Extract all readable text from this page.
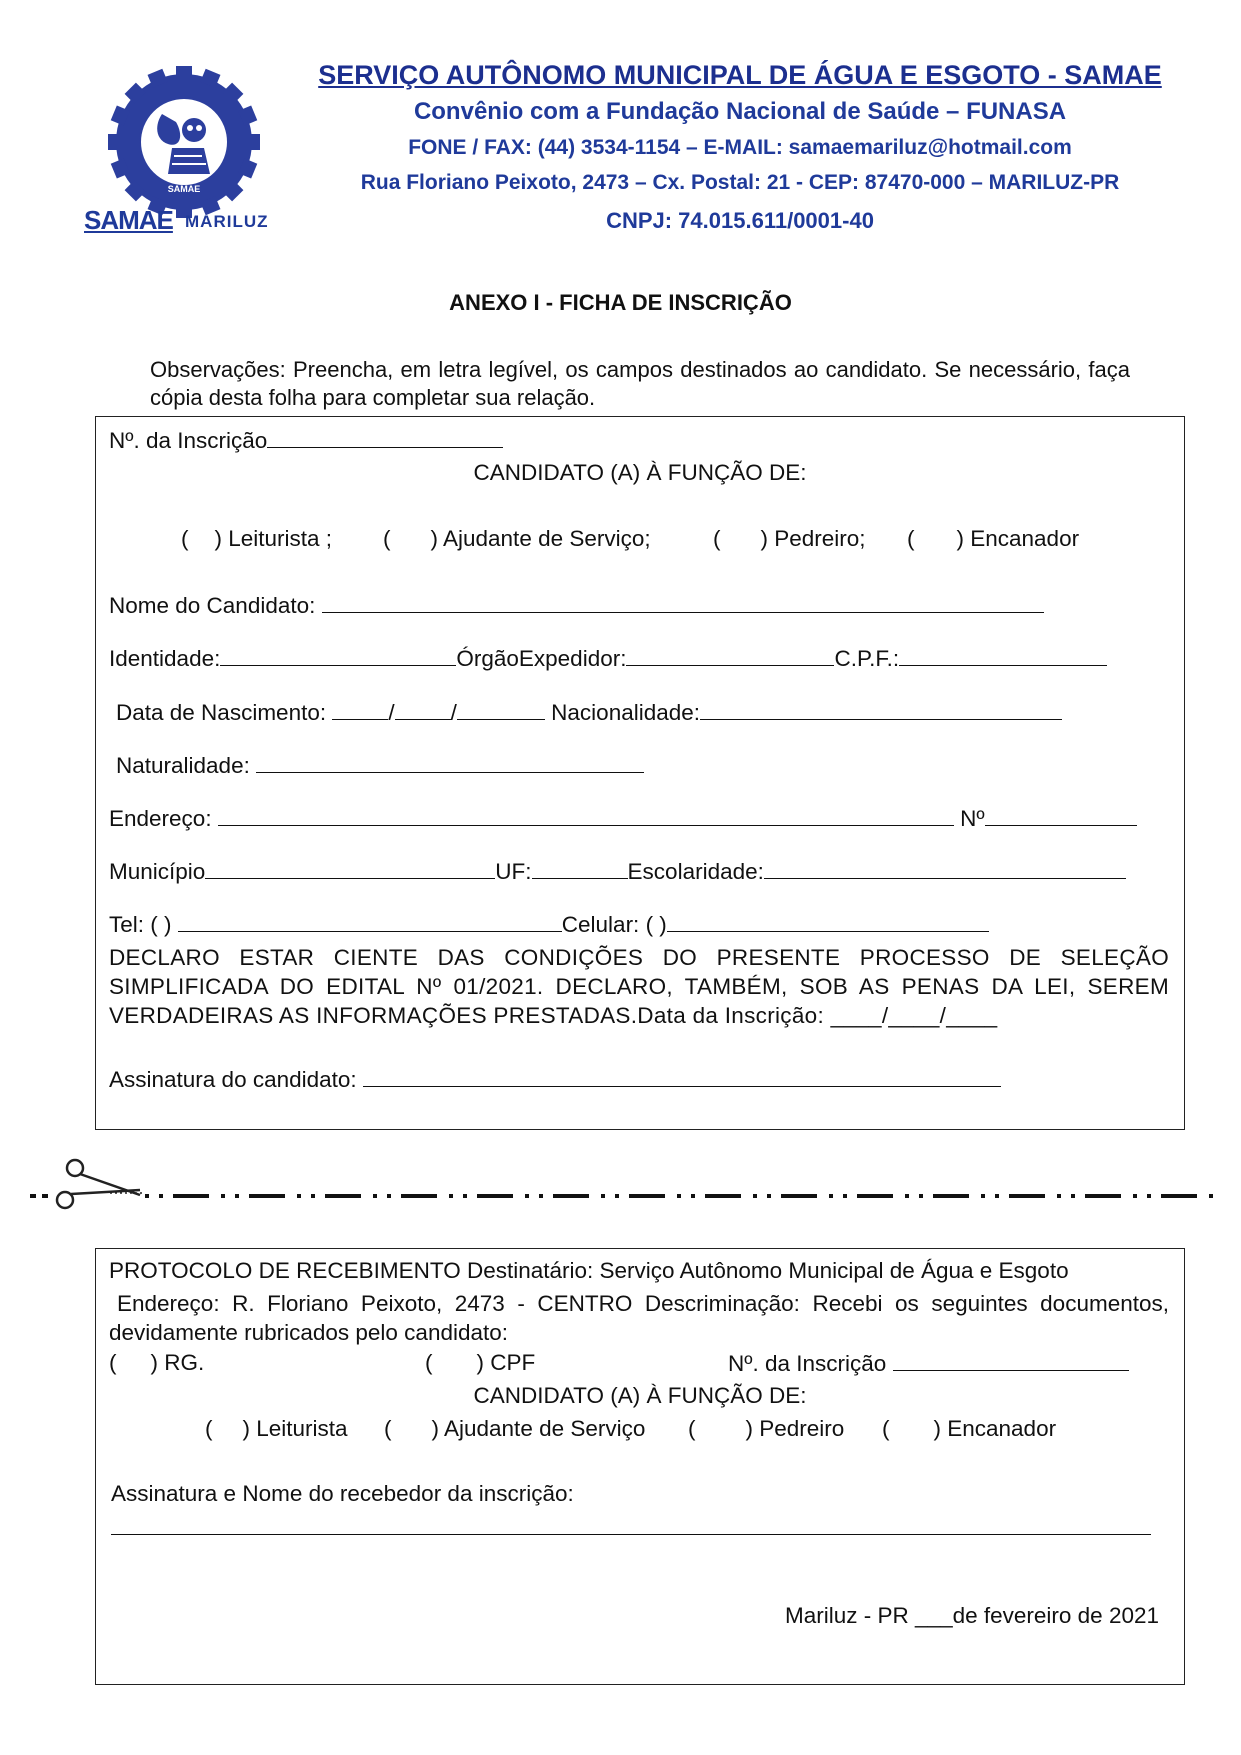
SAMAE
SAMAE MARILUZ
SERVIÇO AUTÔNOMO MUNICIPAL DE ÁGUA E ESGOTO - SAMAE
Convênio com a Fundação Nacional de Saúde – FUNASA
FONE / FAX: (44) 3534-1154 – E-MAIL: samaemariluz@hotmail.com
Rua Floriano Peixoto, 2473 – Cx. Postal: 21 - CEP: 87470-000 – MARILUZ-PR
CNPJ: 74.015.611/0001-40
ANEXO I - FICHA DE INSCRIÇÃO
Observações: Preencha, em letra legível, os campos destinados ao candidato. Se necessário, faça cópia desta folha para completar sua relação.
Nº. da Inscrição
CANDIDATO (A) À FUNÇÃO DE:
( ) Leiturista ; ( ) Ajudante de Serviço;	( ) Pedreiro; ( ) Encanador
Nome do Candidato:
Identidade:	ÓrgãoExpedidor:	C.P.F.:
Data de Nascimento:	/ /	Nacionalidade:
Naturalidade:
Endereço:	Nº
Município	UF:	Escolaridade:
Tel: ( )	Celular: ( )
DECLARO ESTAR CIENTE DAS CONDIÇÕES DO PRESENTE PROCESSO DE SELEÇÃO SIMPLIFICADA DO EDITAL Nº 01/2021. DECLARO, TAMBÉM, SOB AS PENAS DA LEI, SEREM VERDADEIRAS AS INFORMAÇÕES PRESTADAS.Data da Inscrição: ____/____/____
Assinatura do candidato:
PROTOCOLO DE RECEBIMENTO Destinatário: Serviço Autônomo Municipal de Água e Esgoto
Endereço: R. Floriano Peixoto, 2473 - CENTRO Descriminação: Recebi os seguintes documentos, devidamente rubricados pelo candidato:
( ) RG.	( ) CPF	Nº. da Inscrição
CANDIDATO (A) À FUNÇÃO DE:
( ) Leiturista ( ) Ajudante de Serviço ( ) Pedreiro ( ) Encanador
Assinatura e Nome do recebedor da inscrição:
Mariluz - PR ___de fevereiro de 2021
